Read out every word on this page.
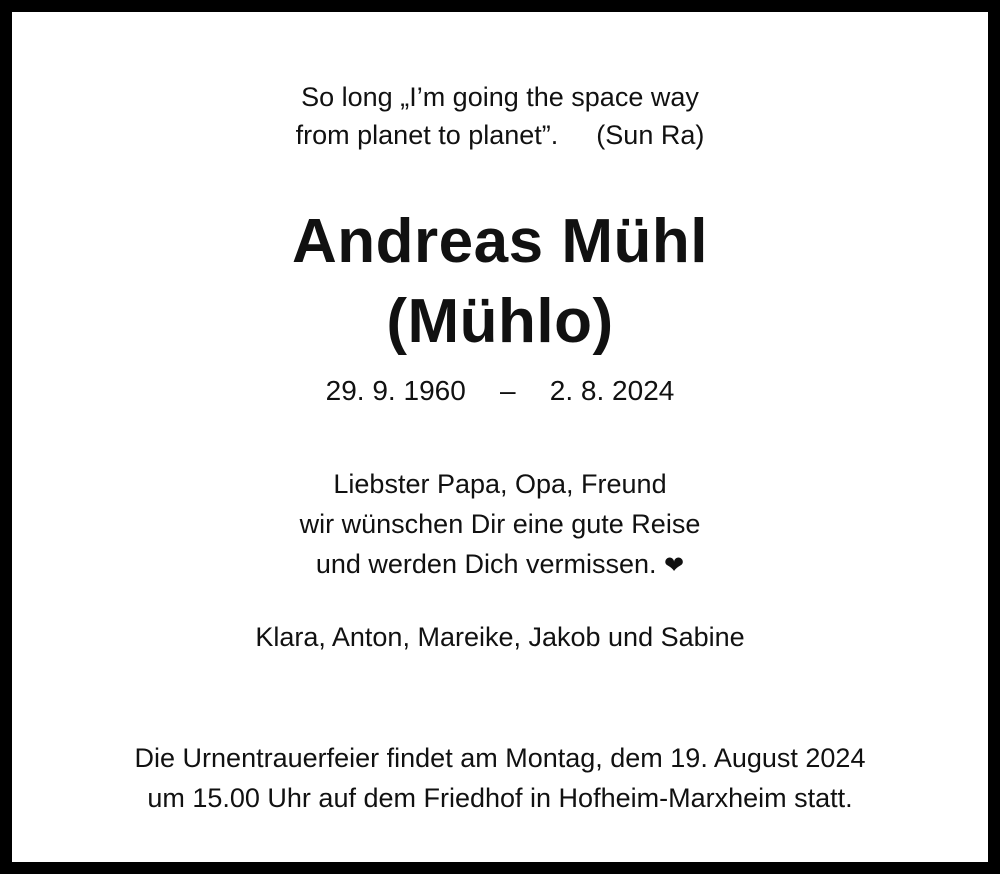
So long „I’m going the space way
from planet to planet”. (Sun Ra)
Andreas Mühl
(Mühlo)
29. 9. 1960 – 2. 8. 2024
Liebster Papa, Opa, Freund
wir wünschen Dir eine gute Reise
und werden Dich vermissen. ❤
Klara, Anton, Mareike, Jakob und Sabine
Die Urnentrauerfeier findet am Montag, dem 19. August 2024
um 15.00 Uhr auf dem Friedhof in Hofheim-Marxheim statt.
